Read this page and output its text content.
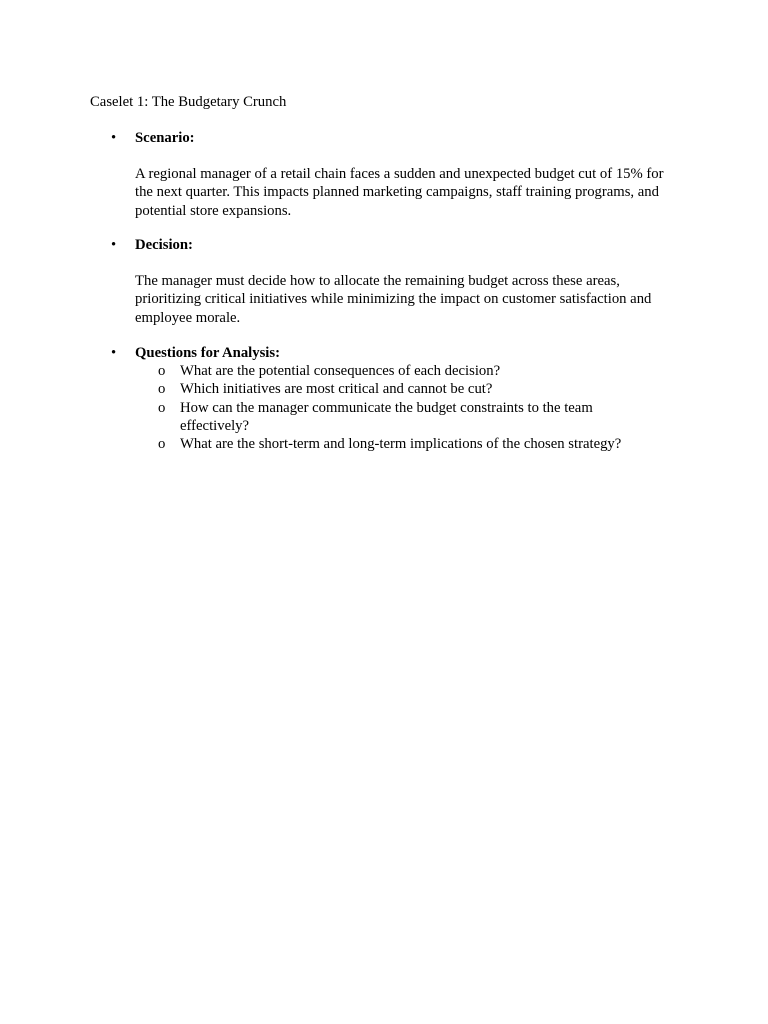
Caselet 1: The Budgetary Crunch
• Scenario:
A regional manager of a retail chain faces a sudden and unexpected budget cut of 15% for the next quarter. This impacts planned marketing campaigns, staff training programs, and potential store expansions.
• Decision:
The manager must decide how to allocate the remaining budget across these areas, prioritizing critical initiatives while minimizing the impact on customer satisfaction and employee morale.
• Questions for Analysis:
o What are the potential consequences of each decision?
o Which initiatives are most critical and cannot be cut?
o How can the manager communicate the budget constraints to the team effectively?
o What are the short-term and long-term implications of the chosen strategy?
